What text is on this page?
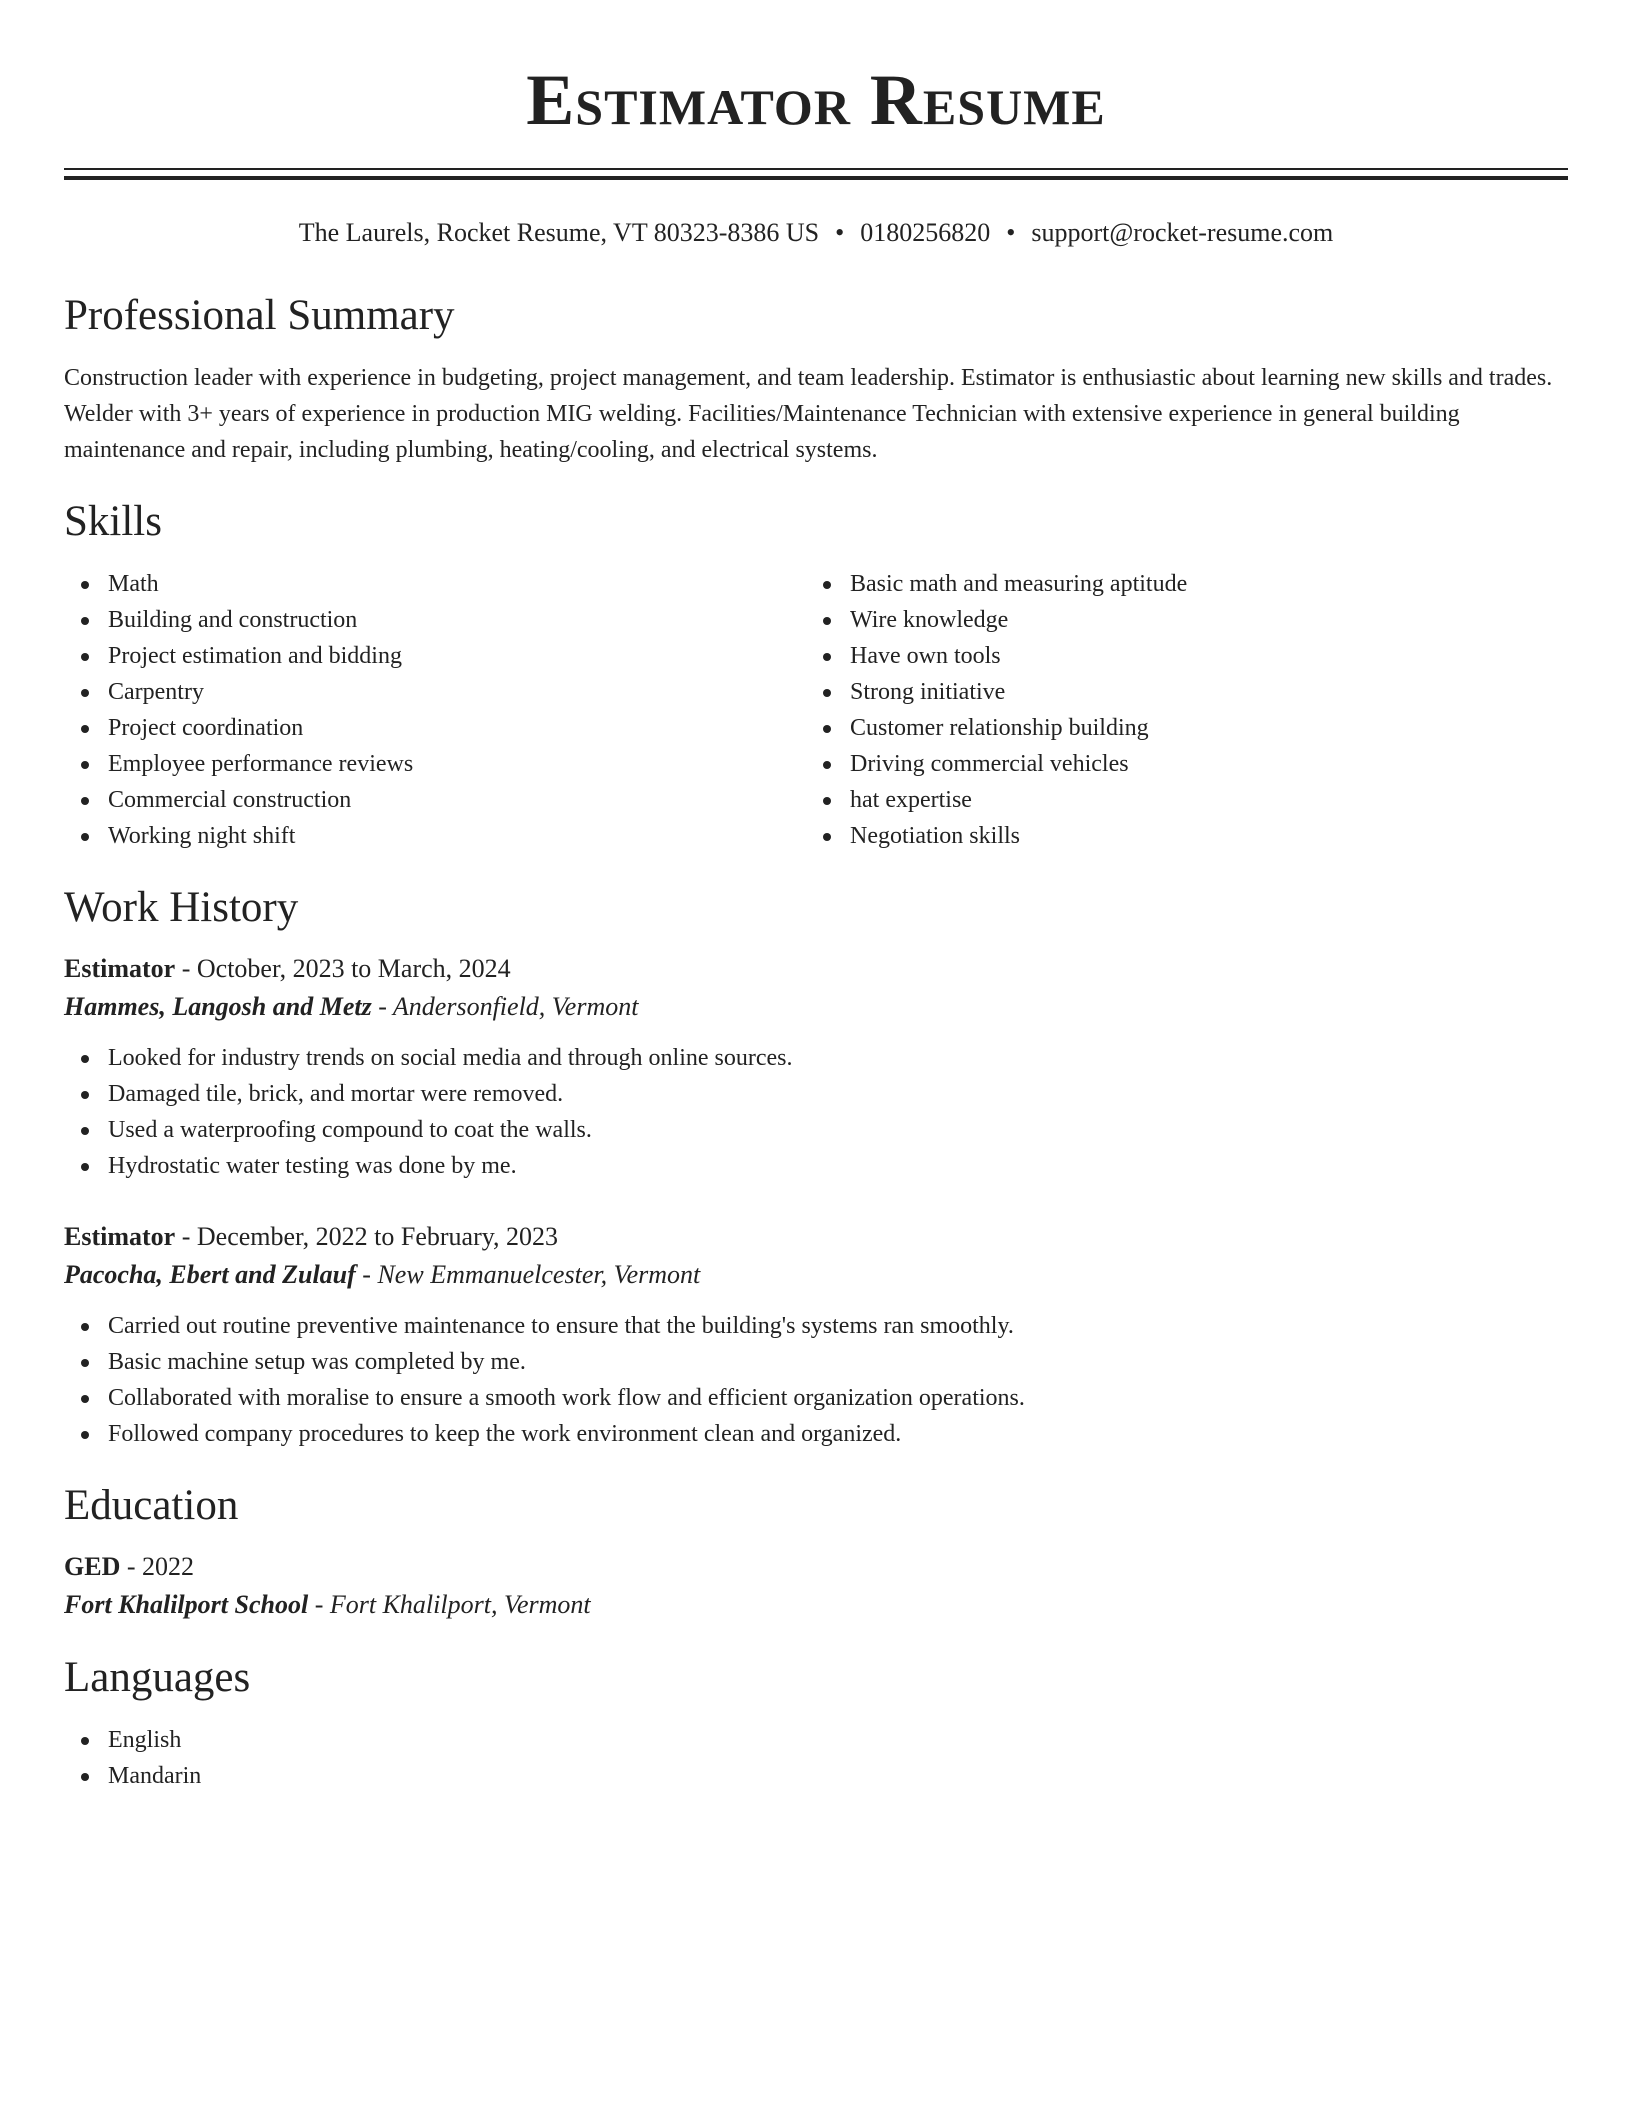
Estimator Resume
The Laurels, Rocket Resume, VT 80323-8386 US • 0180256820 • support@rocket-resume.com
Professional Summary

Construction leader with experience in budgeting, project management, and team leadership. Estimator is enthusiastic about learning new skills and trades. Welder with 3+ years of experience in production MIG welding. Facilities/Maintenance Technician with extensive experience in general building maintenance and repair, including plumbing, heating/cooling, and electrical systems.

Skills
Math
Building and construction
Project estimation and bidding
Carpentry
Project coordination
Employee performance reviews
Commercial construction
Working night shift
Basic math and measuring aptitude
Wire knowledge
Have own tools
Strong initiative
Customer relationship building
Driving commercial vehicles
hat expertise
Negotiation skills
Work History
Estimator - October, 2023 to March, 2024
Hammes, Langosh and Metz - Andersonfield, Vermont
Looked for industry trends on social media and through online sources.
Damaged tile, brick, and mortar were removed.
Used a waterproofing compound to coat the walls.
Hydrostatic water testing was done by me.
Estimator - December, 2022 to February, 2023
Pacocha, Ebert and Zulauf - New Emmanuelcester, Vermont
Carried out routine preventive maintenance to ensure that the building's systems ran smoothly.
Basic machine setup was completed by me.
Collaborated with moralise to ensure a smooth work flow and efficient organization operations.
Followed company procedures to keep the work environment clean and organized.
Education
GED - 2022
Fort Khalilport School - Fort Khalilport, Vermont
Languages
English
Mandarin
